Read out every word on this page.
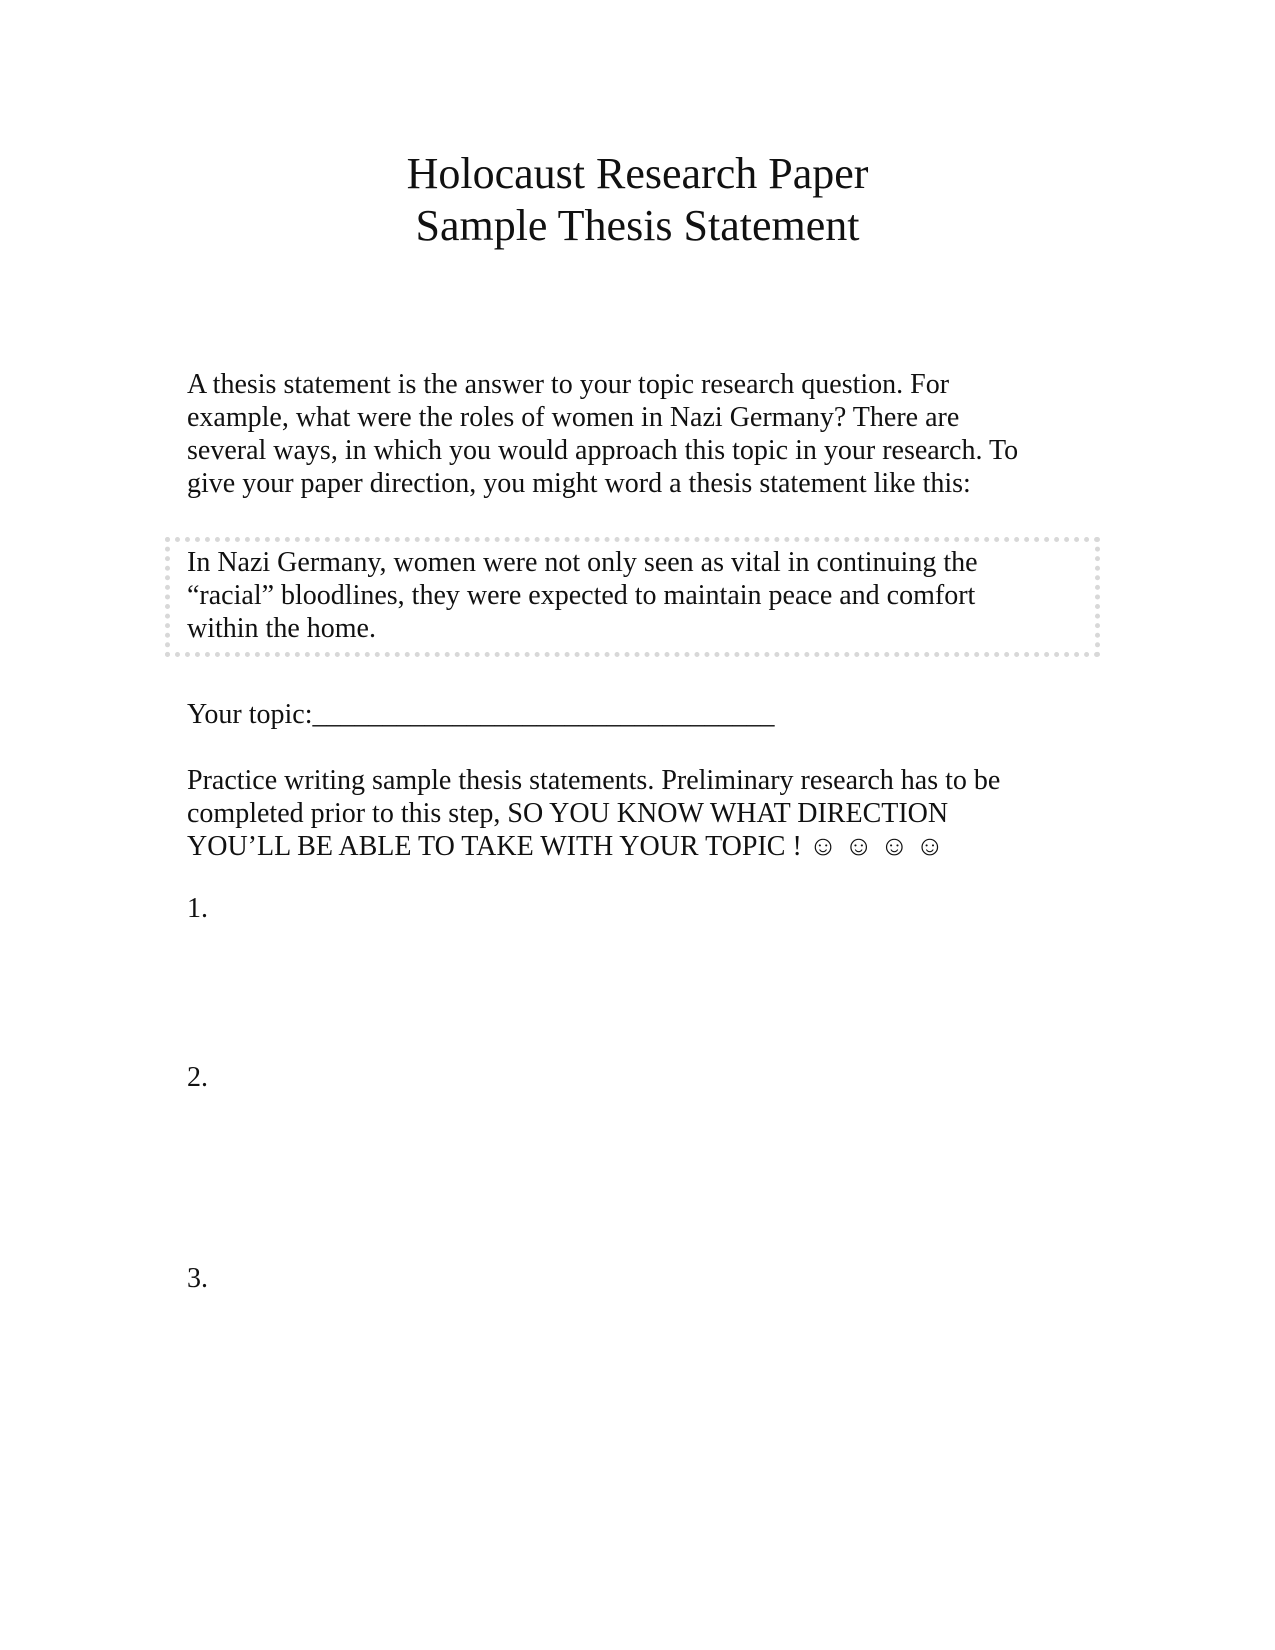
Holocaust Research Paper
Sample Thesis Statement

A thesis statement is the answer to your topic research question. For
example, what were the roles of women in Nazi Germany? There are
several ways, in which you would approach this topic in your research. To
give your paper direction, you might word a thesis statement like this:

In Nazi Germany, women were not only seen as vital in continuing the
“racial” bloodlines, they were expected to maintain peace and comfort
within the home.

Your topic:_________________________________

Practice writing sample thesis statements. Preliminary research has to be
completed prior to this step, SO YOU KNOW WHAT DIRECTION
YOU’LL BE ABLE TO TAKE WITH YOUR TOPIC ! ☺ ☺ ☺ ☺

1.
2.
3.
